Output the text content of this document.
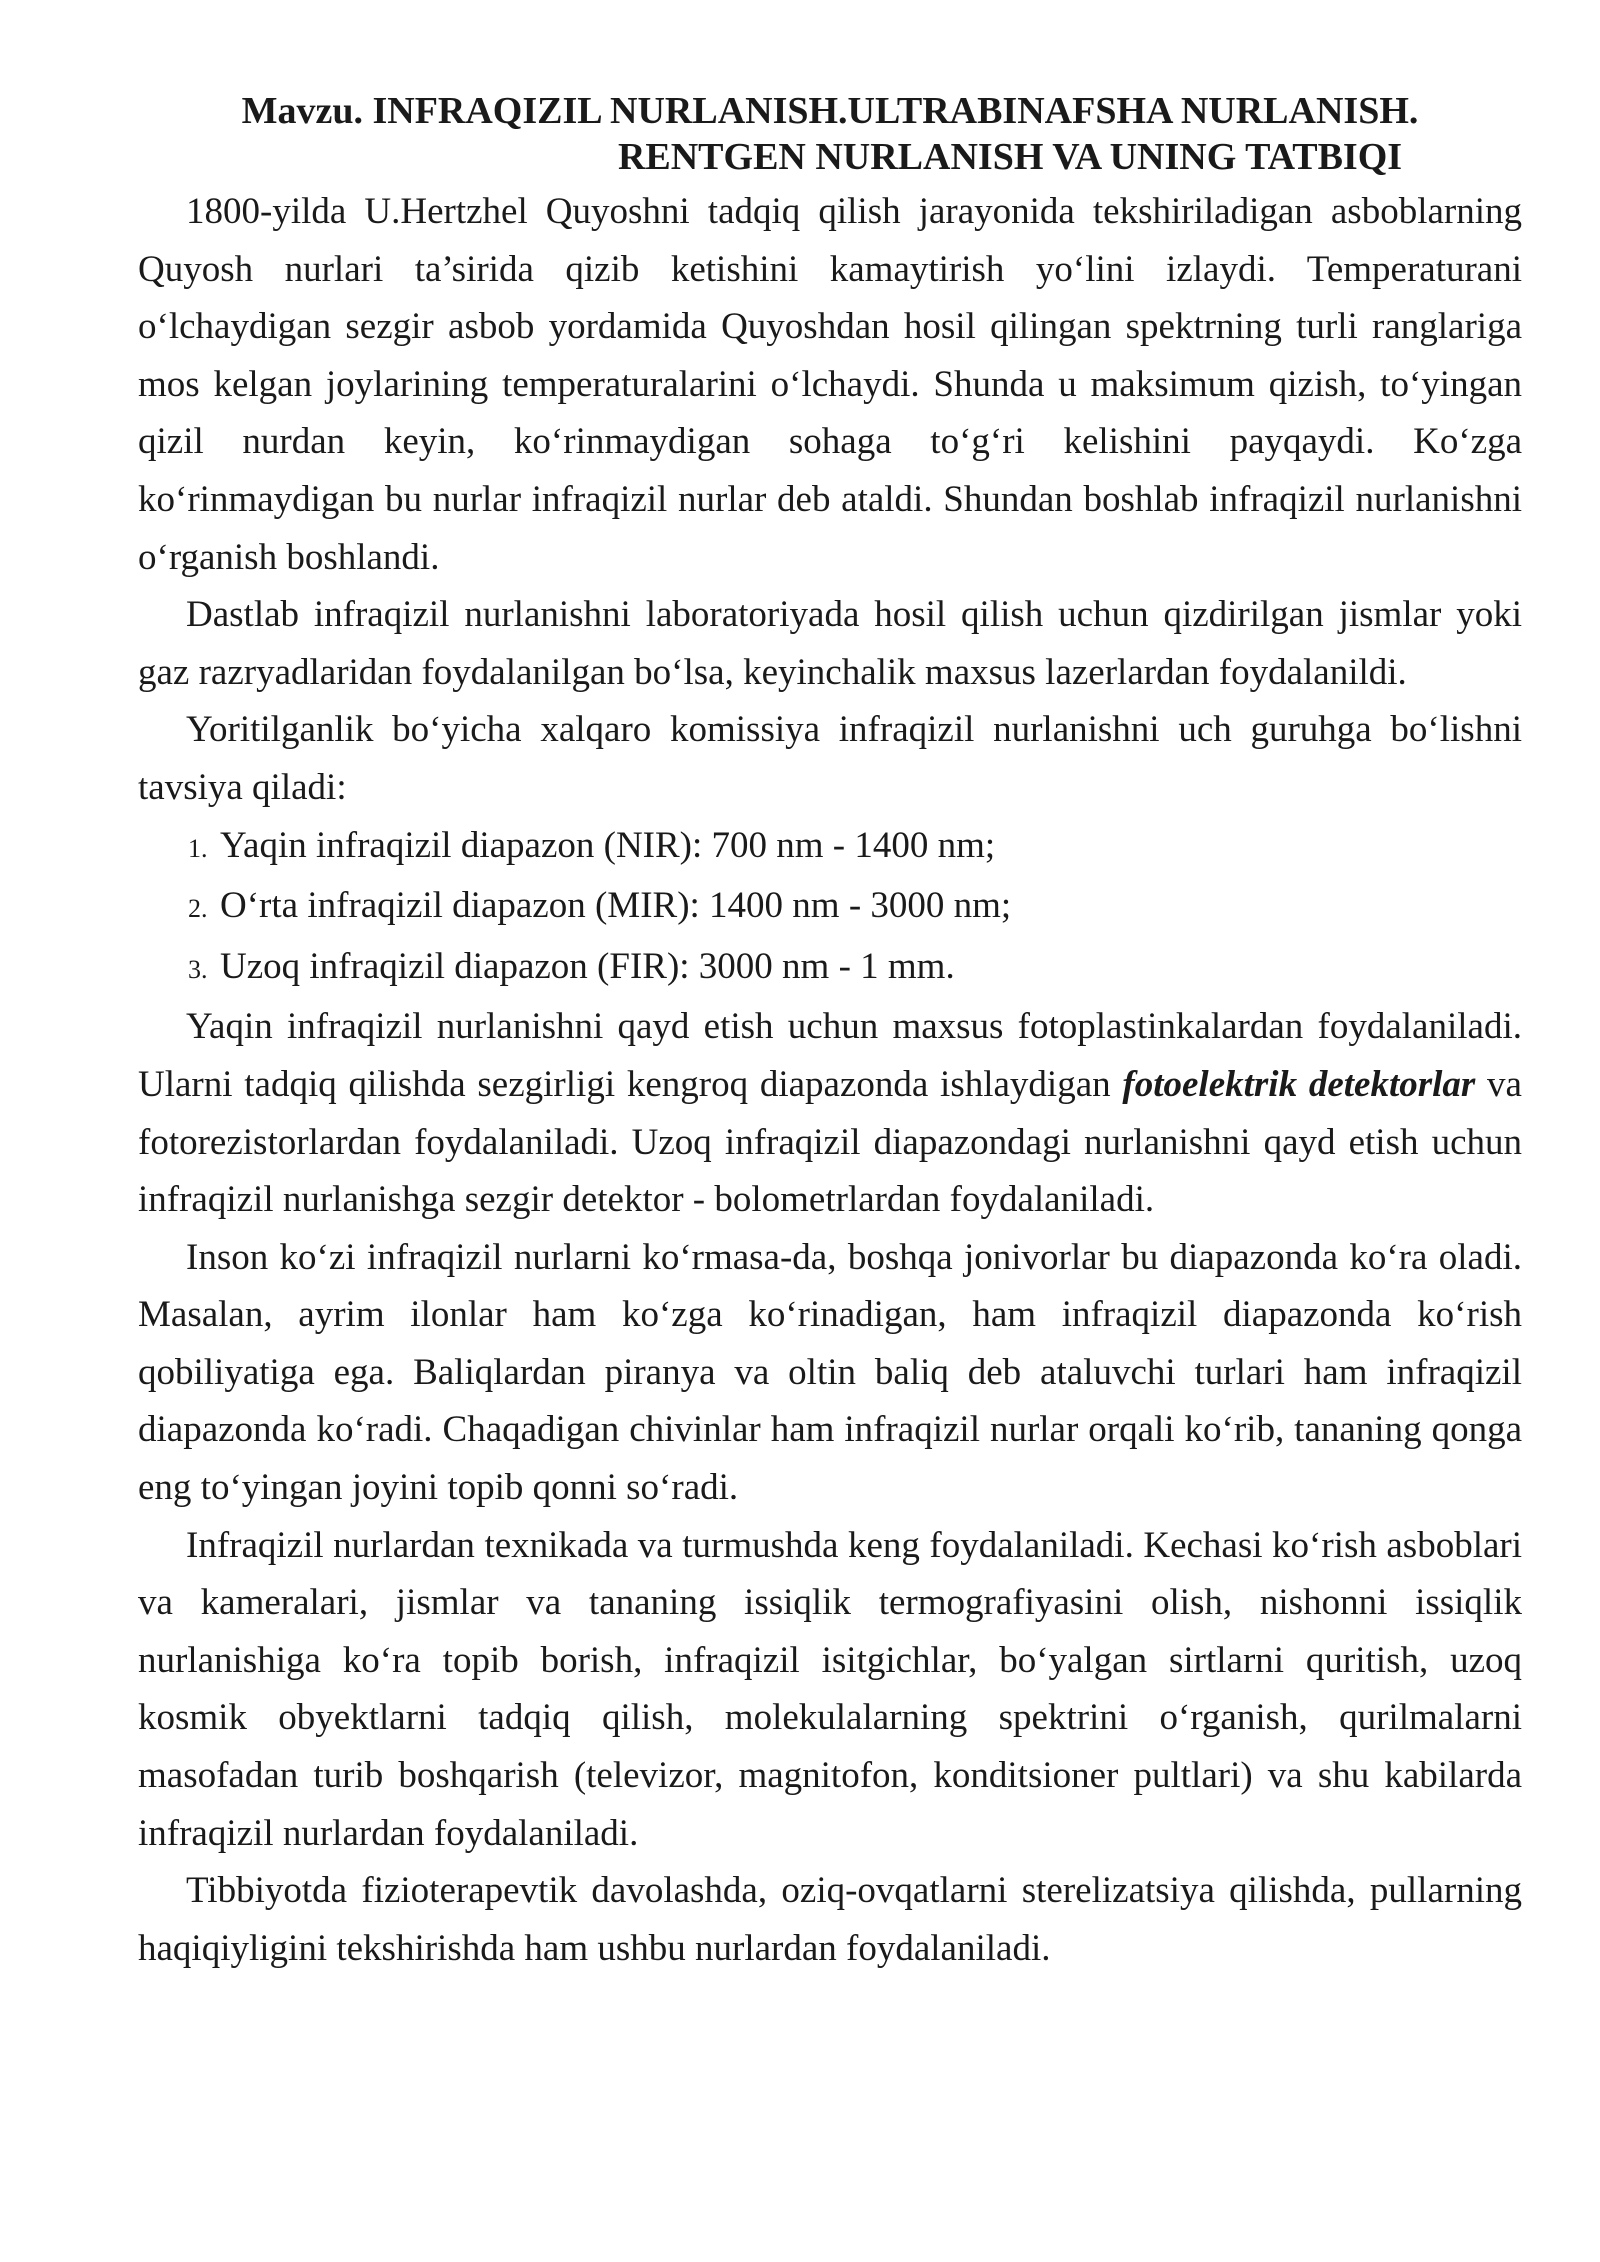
Mavzu. INFRAQIZIL NURLANISH.ULTRABINAFSHA NURLANISH.
RENTGEN NURLANISH VA UNING TATBIQI

1800-yilda U.Hertzhel Quyoshni tadqiq qilish jarayonida tekshiriladigan asboblarning Quyosh nurlari ta’sirida qizib ketishini kamaytirish yo‘lini izlaydi. Temperaturani o‘lchaydigan sezgir asbob yordamida Quyoshdan hosil qilingan spektrning turli ranglariga mos kelgan joylarining temperaturalarini o‘lchaydi. Shunda u maksimum qizish, to‘yingan qizil nurdan keyin, ko‘rinmaydigan sohaga to‘g‘ri kelishini payqaydi. Ko‘zga ko‘rinmaydigan bu nurlar infraqizil nurlar deb ataldi. Shundan boshlab infraqizil nurlanishni o‘rganish boshlandi.

Dastlab infraqizil nurlanishni laboratoriyada hosil qilish uchun qizdirilgan jismlar yoki gaz razryadlaridan foydalanilgan bo‘lsa, keyinchalik maxsus lazerlardan foydalanildi.

Yoritilganlik bo‘yicha xalqaro komissiya infraqizil nurlanishni uch guruhga bo‘lishni tavsiya qiladi:

1. Yaqin infraqizil diapazon (NIR): 700 nm - 1400 nm;
2. O‘rta infraqizil diapazon (MIR): 1400 nm - 3000 nm;
3. Uzoq infraqizil diapazon (FIR): 3000 nm - 1 mm.

Yaqin infraqizil nurlanishni qayd etish uchun maxsus fotoplastinkalardan foydalaniladi. Ularni tadqiq qilishda sezgirligi kengroq diapazonda ishlaydigan fotoelektrik detektorlar va fotorezistorlardan foydalaniladi. Uzoq infraqizil diapazondagi nurlanishni qayd etish uchun infraqizil nurlanishga sezgir detektor - bolometrlardan foydalaniladi.

Inson ko‘zi infraqizil nurlarni ko‘rmasa-da, boshqa jonivorlar bu diapazonda ko‘ra oladi. Masalan, ayrim ilonlar ham ko‘zga ko‘rinadigan, ham infraqizil diapazonda ko‘rish qobiliyatiga ega. Baliqlardan piranya va oltin baliq deb ataluvchi turlari ham infraqizil diapazonda ko‘radi. Chaqadigan chivinlar ham infraqizil nurlar orqali ko‘rib, tananing qonga eng to‘yingan joyini topib qonni so‘radi.

Infraqizil nurlardan texnikada va turmushda keng foydalaniladi. Kechasi ko‘rish asboblari va kameralari, jismlar va tananing issiqlik termografiyasini olish, nishonni issiqlik nurlanishiga ko‘ra topib borish, infraqizil isitgichlar, bo‘yalgan sirtlarni quritish, uzoq kosmik obyektlarni tadqiq qilish, molekulalarning spektrini o‘rganish, qurilmalarni masofadan turib boshqarish (televizor, magnitofon, konditsioner pultlari) va shu kabilarda infraqizil nurlardan foydalaniladi.

Tibbiyotda fizioterapevtik davolashda, oziq-ovqatlarni sterelizatsiya qilishda, pullarning haqiqiyligini tekshirishda ham ushbu nurlardan foydalaniladi.
